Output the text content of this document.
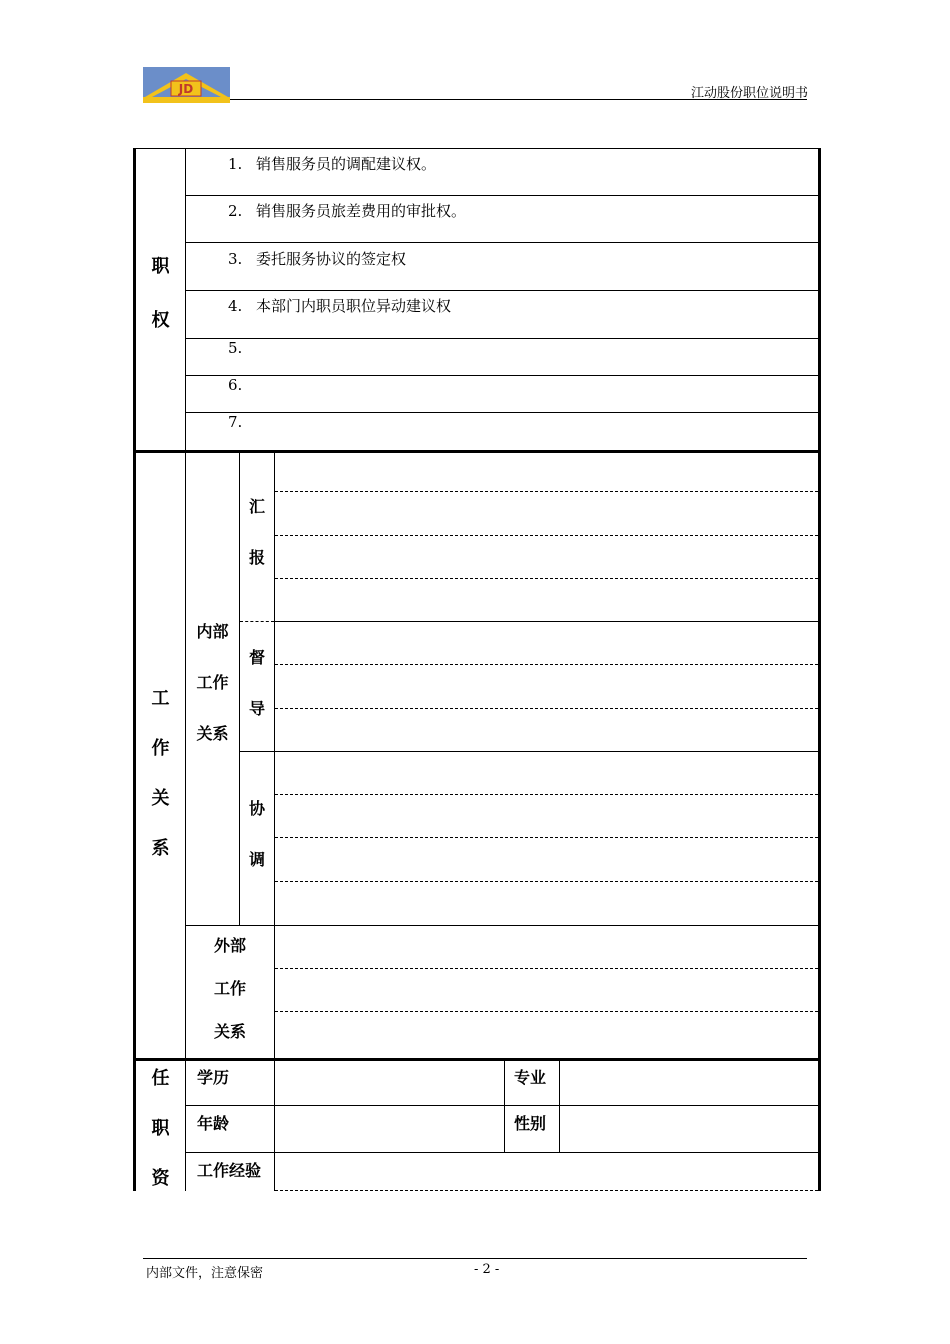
JD	江动股份职位说明书
职
权
1. 销售服务员的调配建议权。
2. 销售服务员旅差费用的审批权。
3. 委托服务协议的签定权
4. 本部门内职员职位异动建议权
5.
6.
7.
工
作
关
系
内部
工作
关系
汇
报
督
导
协
调
外部
工作
关系
任
职
资
学历	专业
年龄	性别
工作经验
内部文件，注意保密	- 2 -
